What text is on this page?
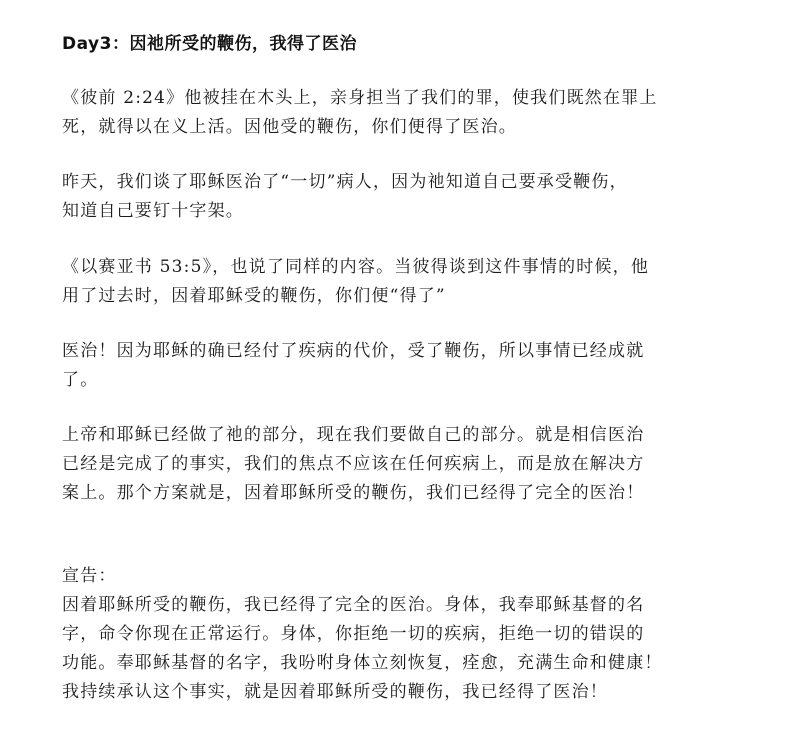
Day3：因祂所受的鞭伤，我得了医治

《彼前 2:24》他被挂在木头上，亲身担当了我们的罪，使我们既然在罪上
死，就得以在义上活。因他受的鞭伤，你们便得了医治。

昨天，我们谈了耶稣医治了“一切”病人，因为祂知道自己要承受鞭伤，
知道自己要钉十字架。

《以赛亚书 53:5》，也说了同样的内容。当彼得谈到这件事情的时候，他
用了过去时，因着耶稣受的鞭伤，你们便“得了”

医治！因为耶稣的确已经付了疾病的代价，受了鞭伤，所以事情已经成就
了。

上帝和耶稣已经做了祂的部分，现在我们要做自己的部分。就是相信医治
已经是完成了的事实，我们的焦点不应该在任何疾病上，而是放在解决方
案上。那个方案就是，因着耶稣所受的鞭伤，我们已经得了完全的医治！

宣告：
因着耶稣所受的鞭伤，我已经得了完全的医治。身体，我奉耶稣基督的名
字，命令你现在正常运行。身体，你拒绝一切的疾病，拒绝一切的错误的
功能。奉耶稣基督的名字，我吩咐身体立刻恢复，痊愈，充满生命和健康！
我持续承认这个事实，就是因着耶稣所受的鞭伤，我已经得了医治！
